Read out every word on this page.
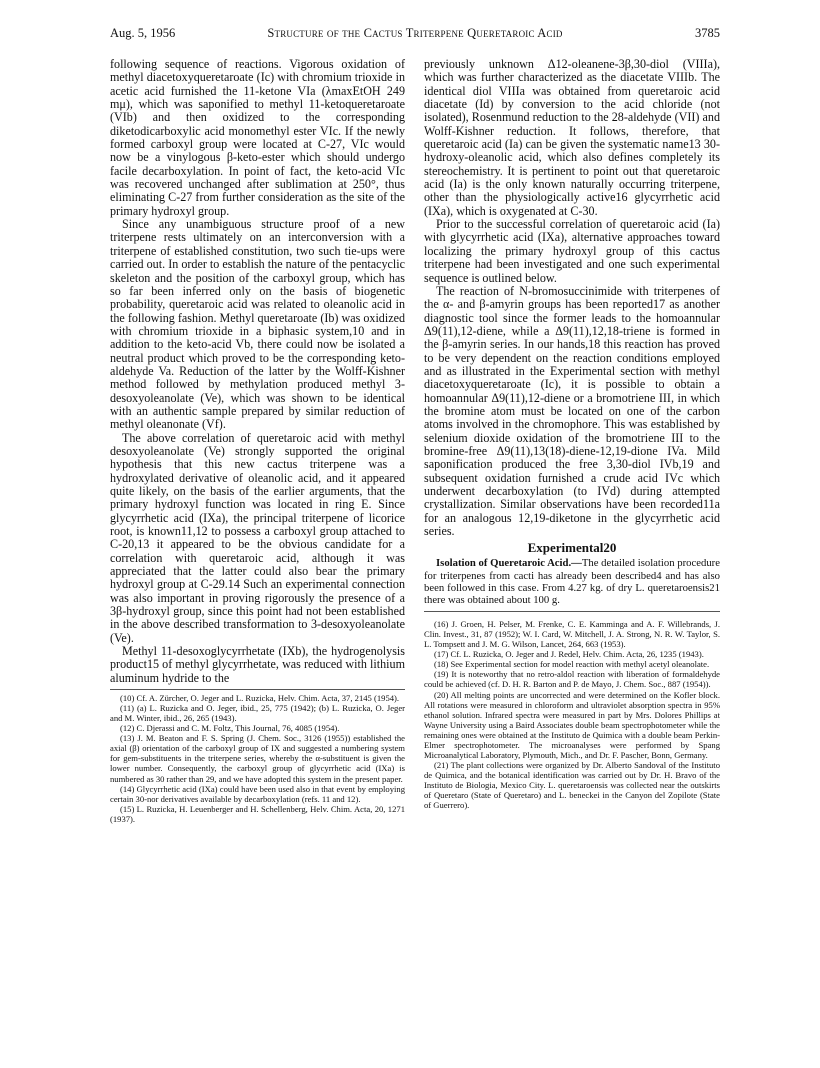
Aug. 5, 1956	Structure of the Cactus Triterpene Queretaroic Acid	3785

following sequence of reactions. Vigorous oxidation of methyl diacetoxyqueretaroate (Ic) with chromium trioxide in acetic acid furnished the 11-ketone VIa (λmaxEtOH 249 mμ), which was saponified to methyl 11-ketoqueretaroate (VIb) and then oxidized to the corresponding diketodicarboxylic acid monomethyl ester VIc. If the newly formed carboxyl group were located at C-27, VIc would now be a vinylogous β-keto-ester which should undergo facile decarboxylation. In point of fact, the keto-acid VIc was recovered unchanged after sublimation at 250°, thus eliminating C-27 from further consideration as the site of the primary hydroxyl group.

Since any unambiguous structure proof of a new triterpene rests ultimately on an interconversion with a triterpene of established constitution, two such tie-ups were carried out. In order to establish the nature of the pentacyclic skeleton and the position of the carboxyl group, which has so far been inferred only on the basis of biogenetic probability, queretaroic acid was related to oleanolic acid in the following fashion. Methyl queretaroate (Ib) was oxidized with chromium trioxide in a biphasic system,10 and in addition to the keto-acid Vb, there could now be isolated a neutral product which proved to be the corresponding keto-aldehyde Va. Reduction of the latter by the Wolff-Kishner method followed by methylation produced methyl 3-desoxyoleanolate (Ve), which was shown to be identical with an authentic sample prepared by similar reduction of methyl oleanonate (Vf).

The above correlation of queretaroic acid with methyl desoxyoleanolate (Ve) strongly supported the original hypothesis that this new cactus triterpene was a hydroxylated derivative of oleanolic acid, and it appeared quite likely, on the basis of the earlier arguments, that the primary hydroxyl function was located in ring E. Since glycyrrhetic acid (IXa), the principal triterpene of licorice root, is known11,12 to possess a carboxyl group attached to C-20,13 it appeared to be the obvious candidate for a correlation with queretaroic acid, although it was appreciated that the latter could also bear the primary hydroxyl group at C-29.14 Such an experimental connection was also important in proving rigorously the presence of a 3β-hydroxyl group, since this point had not been established in the above described transformation to 3-desoxyoleanolate (Ve).

Methyl 11-desoxoglycyrrhetate (IXb), the hydrogenolysis product15 of methyl glycyrrhetate, was reduced with lithium aluminum hydride to the

(10) Cf. A. Zürcher, O. Jeger and L. Ruzicka, Helv. Chim. Acta, 37, 2145 (1954).

(11) (a) L. Ruzicka and O. Jeger, ibid., 25, 775 (1942); (b) L. Ruzicka, O. Jeger and M. Winter, ibid., 26, 265 (1943).

(12) C. Djerassi and C. M. Foltz, This Journal, 76, 4085 (1954).

(13) J. M. Beaton and F. S. Spring (J. Chem. Soc., 3126 (1955)) established the axial (β) orientation of the carboxyl group of IX and suggested a numbering system for gem-substituents in the triterpene series, whereby the α-substituent is given the lower number. Consequently, the carboxyl group of glycyrrhetic acid (IXa) is numbered as 30 rather than 29, and we have adopted this system in the present paper.

(14) Glycyrrhetic acid (IXa) could have been used also in that event by employing certain 30-nor derivatives available by decarboxylation (refs. 11 and 12).

(15) L. Ruzicka, H. Leuenberger and H. Schellenberg, Helv. Chim. Acta, 20, 1271 (1937).

previously unknown Δ12-oleanene-3β,30-diol (VIIIa), which was further characterized as the diacetate VIIIb. The identical diol VIIIa was obtained from queretaroic acid diacetate (Id) by conversion to the acid chloride (not isolated), Rosenmund reduction to the 28-aldehyde (VII) and Wolff-Kishner reduction. It follows, therefore, that queretaroic acid (Ia) can be given the systematic name13 30-hydroxy-oleanolic acid, which also defines completely its stereochemistry. It is pertinent to point out that queretaroic acid (Ia) is the only known naturally occurring triterpene, other than the physiologically active16 glycyrrhetic acid (IXa), which is oxygenated at C-30.

Prior to the successful correlation of queretaroic acid (Ia) with glycyrrhetic acid (IXa), alternative approaches toward localizing the primary hydroxyl group of this cactus triterpene had been investigated and one such experimental sequence is outlined below.

The reaction of N-bromosuccinimide with triterpenes of the α- and β-amyrin groups has been reported17 as another diagnostic tool since the former leads to the homoannular Δ9(11),12-diene, while a Δ9(11),12,18-triene is formed in the β-amyrin series. In our hands,18 this reaction has proved to be very dependent on the reaction conditions employed and as illustrated in the Experimental section with methyl diacetoxyqueretaroate (Ic), it is possible to obtain a homoannular Δ9(11),12-diene or a bromotriene III, in which the bromine atom must be located on one of the carbon atoms involved in the chromophore. This was established by selenium dioxide oxidation of the bromotriene III to the bromine-free Δ9(11),13(18)-diene-12,19-dione IVa. Mild saponification produced the free 3,30-diol IVb,19 and subsequent oxidation furnished a crude acid IVc which underwent decarboxylation (to IVd) during attempted crystallization. Similar observations have been recorded11a for an analogous 12,19-diketone in the glycyrrhetic acid series.

Experimental20

Isolation of Queretaroic Acid.—The detailed isolation procedure for triterpenes from cacti has already been described4 and has also been followed in this case. From 4.27 kg. of dry L. queretaroensis21 there was obtained about 100 g.

(16) J. Groen, H. Pelser, M. Frenke, C. E. Kamminga and A. F. Willebrands, J. Clin. Invest., 31, 87 (1952); W. I. Card, W. Mitchell, J. A. Strong, N. R. W. Taylor, S. L. Tompsett and J. M. G. Wilson, Lancet, 264, 663 (1953).

(17) Cf. L. Ruzicka, O. Jeger and J. Redel, Helv. Chim. Acta, 26, 1235 (1943).

(18) See Experimental section for model reaction with methyl acetyl oleanolate.

(19) It is noteworthy that no retro-aldol reaction with liberation of formaldehyde could be achieved (cf. D. H. R. Barton and P. de Mayo, J. Chem. Soc., 887 (1954)).

(20) All melting points are uncorrected and were determined on the Kofler block. All rotations were measured in chloroform and ultraviolet absorption spectra in 95% ethanol solution. Infrared spectra were measured in part by Mrs. Dolores Phillips at Wayne University using a Baird Associates double beam spectrophotometer while the remaining ones were obtained at the Instituto de Quimica with a double beam Perkin-Elmer spectrophotometer. The microanalyses were performed by Spang Microanalytical Laboratory, Plymouth, Mich., and Dr. F. Pascher, Bonn, Germany.

(21) The plant collections were organized by Dr. Alberto Sandoval of the Instituto de Quimica, and the botanical identification was carried out by Dr. H. Bravo of the Instituto de Biologia, Mexico City. L. queretaroensis was collected near the outskirts of Queretaro (State of Queretaro) and L. beneckei in the Canyon del Zopilote (State of Guerrero).
